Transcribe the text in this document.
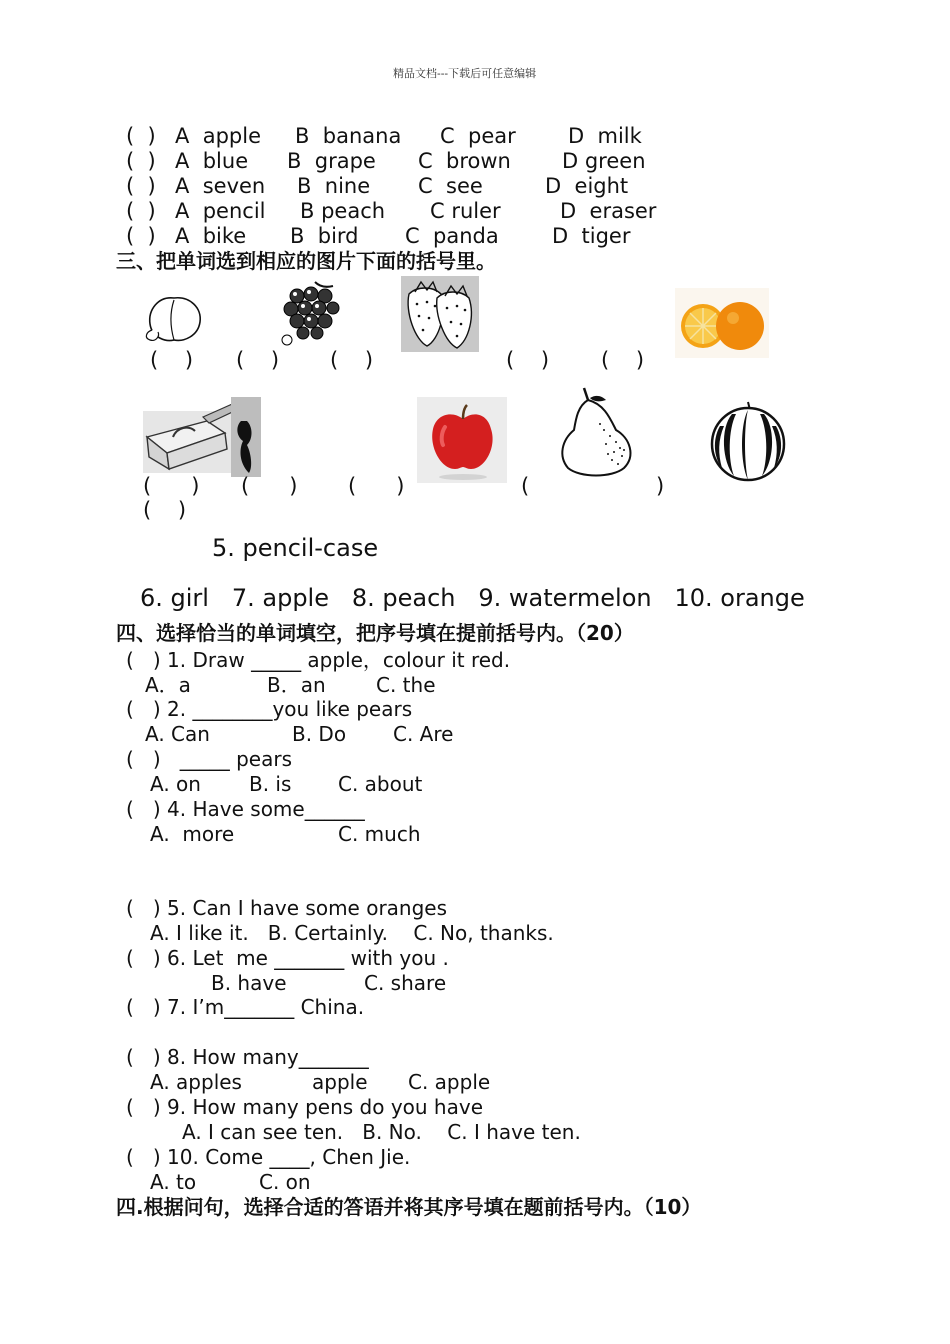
精品文档---下载后可任意编辑
(  ) A  apple B  banana C  pear D  milk
(  ) A  blue B  grape C  brown D green
(  ) A  seven B  nine C  see	D  eight
(  ) A  pencil B peach C ruler	D  eraser
(  ) A  bike B  bird C  panda	D  tiger
三、把单词选到相应的图片下面的括号里。
(    ) (    ) (    )	(    ) (    )
(      ) (      ) (      )	(	)
(    )
5. pencil-case
6. girl   7. apple   8. peach   9. watermelon   10. orange
四、选择恰当的单词填空，把序号填在提前括号内。（20）
(   ) 1. Draw _____ apple，colour it red.
A．a	B．an	C. the
(   ) 2. ________you like pears
A. Can	B. Do C. Are
(   )   _____ pears
A. on B. is C. about
(   ) 4. Have some______
A.  more	C. much
(   ) 5. Can I have some oranges
A. I like it.   B. Certainly.    C. No, thanks.
(   ) 6. Let  me _______ with you .
B. have	C. share
(   ) 7. I’m_______ China.
(   ) 8. How many_______
A. apples	apple C. apple
(   ) 9. How many pens do you have
A. I can see ten.   B. No.    C. I have ten.
(   ) 10. Come ____, Chen Jie.
A. to	C. on
四.根据问句，选择合适的答语并将其序号填在题前括号内。（10）
